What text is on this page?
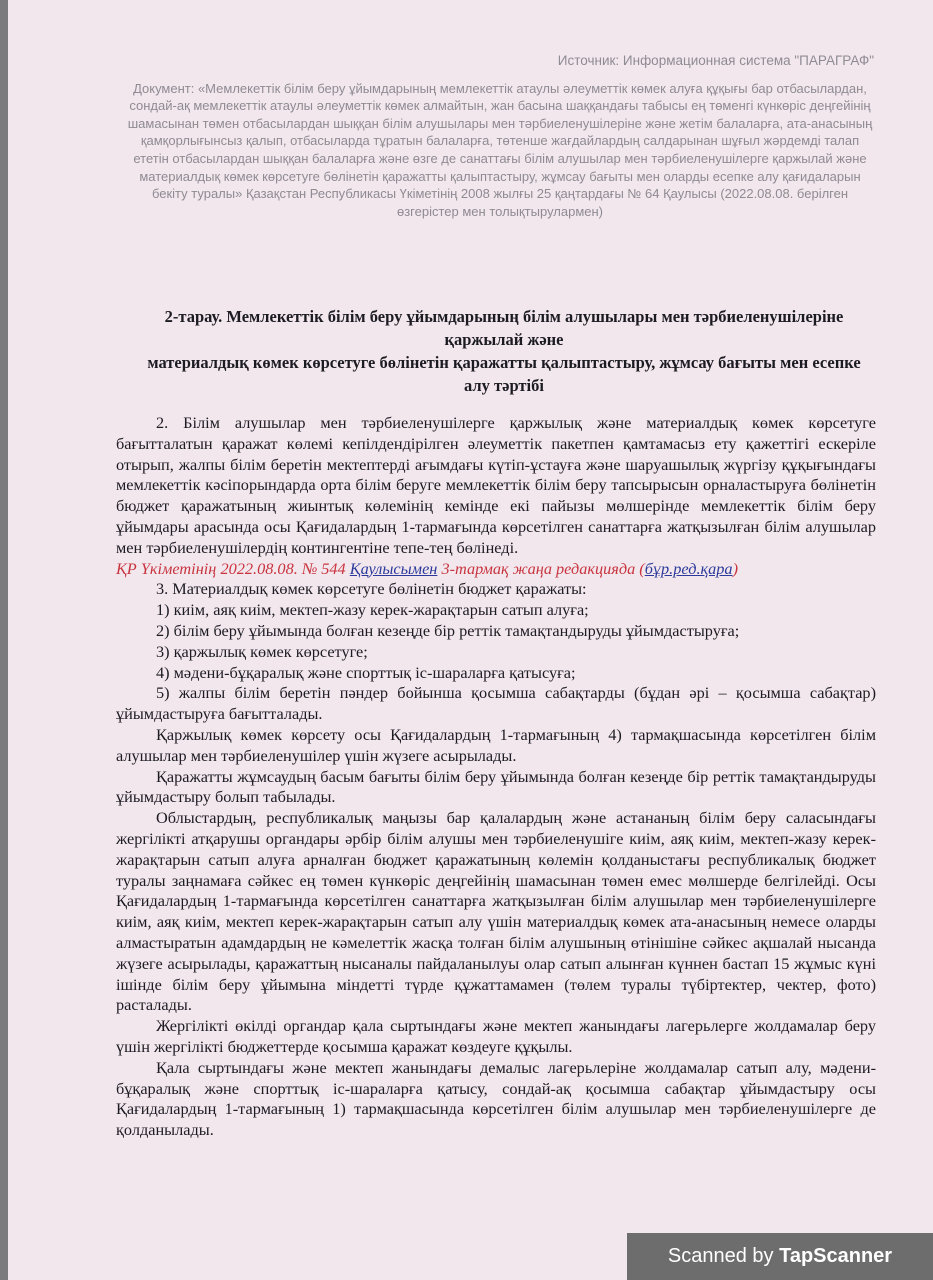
Источник: Информационная система "ПАРАГРАФ"
Документ: «Мемлекеттік білім беру ұйымдарының мемлекеттік атаулы әлеуметтік көмек алуға құқығы бар отбасылардан, сондай-ақ мемлекеттік атаулы әлеуметтік көмек алмайтын, жан басына шаққандағы табысы ең төменгі күнкөріс деңгейінің шамасынан төмен отбасылардан шыққан білім алушылары мен тәрбиеленушілеріне және жетім балаларға, ата-анасының қамқорлығынсыз қалып, отбасыларда тұратын балаларға, төтенше жағдайлардың салдарынан шұғыл жәрдемді талап ететін отбасылардан шыққан балаларға және өзге де санаттағы білім алушылар мен тәрбиеленушілерге қаржылай және материалдық көмек көрсетуге бөлінетін қаражатты қалыптастыру, жұмсау бағыты мен оларды есепке алу қағидаларын бекіту туралы» Қазақстан Республикасы Үкіметінің 2008 жылғы 25 қаңтардағы № 64 Қаулысы (2022.08.08. берілген өзгерістер мен толықтырулармен)
2-тарау. Мемлекеттік білім беру ұйымдарының білім алушылары мен тәрбиеленушілеріне қаржылай және
материалдық көмек көрсетуге бөлінетін қаражатты қалыптастыру, жұмсау бағыты мен есепке алу тәртібі

2. Білім алушылар мен тәрбиеленушілерге қаржылық және материалдық көмек көрсетуге бағытталатын қаражат көлемі кепілдендірілген әлеуметтік пакетпен қамтамасыз ету қажеттігі ескеріле отырып, жалпы білім беретін мектептерді ағымдағы күтіп-ұстауға және шаруашылық жүргізу құқығындағы мемлекеттік кәсіпорындарда орта білім беруге мемлекеттік білім беру тапсырысын орналастыруға бөлінетін бюджет қаражатының жиынтық көлемінің кемінде екі пайызы мөлшерінде мемлекеттік білім беру ұйымдары арасында осы Қағидалардың 1-тармағында көрсетілген санаттарға жатқызылған білім алушылар мен тәрбиеленушілердің контингентіне тепе-тең бөлінеді.

ҚР Үкіметінің 2022.08.08. № 544 Қаулысымен 3-тармақ жаңа редакцияда (бұр.ред.қара)

3. Материалдық көмек көрсетуге бөлінетін бюджет қаражаты:

1) киім, аяқ киім, мектеп-жазу керек-жарақтарын сатып алуға;

2) білім беру ұйымында болған кезеңде бір реттік тамақтандыруды ұйымдастыруға;

3) қаржылық көмек көрсетуге;

4) мәдени-бұқаралық және спорттық іс-шараларға қатысуға;

5) жалпы білім беретін пәндер бойынша қосымша сабақтарды (бұдан әрі – қосымша сабақтар) ұйымдастыруға бағытталады.

Қаржылық көмек көрсету осы Қағидалардың 1-тармағының 4) тармақшасында көрсетілген білім алушылар мен тәрбиеленушілер үшін жүзеге асырылады.

Қаражатты жұмсаудың басым бағыты білім беру ұйымында болған кезеңде бір реттік тамақтандыруды ұйымдастыру болып табылады.

Облыстардың, республикалық маңызы бар қалалардың және астананың білім беру саласындағы жергілікті атқарушы органдары әрбір білім алушы мен тәрбиеленушіге киім, аяқ киім, мектеп-жазу керек-жарақтарын сатып алуға арналған бюджет қаражатының көлемін қолданыстағы республикалық бюджет туралы заңнамаға сәйкес ең төмен күнкөріс деңгейінің шамасынан төмен емес мөлшерде белгілейді. Осы Қағидалардың 1-тармағында көрсетілген санаттарға жатқызылған білім алушылар мен тәрбиеленушілерге киім, аяқ киім, мектеп керек-жарақтарын сатып алу үшін материалдық көмек ата-анасының немесе оларды алмастыратын адамдардың не кәмелеттік жасқа толған білім алушының өтінішіне сәйкес ақшалай нысанда жүзеге асырылады, қаражаттың нысаналы пайдаланылуы олар сатып алынған күннен бастап 15 жұмыс күні ішінде білім беру ұйымына міндетті түрде құжаттамамен (төлем туралы түбіртектер, чектер, фото) расталады.

Жергілікті өкілді органдар қала сыртындағы және мектеп жанындағы лагерьлерге жолдамалар беру үшін жергілікті бюджеттерде қосымша қаражат көздеуге құқылы.

Қала сыртындағы және мектеп жанындағы демалыс лагерьлеріне жолдамалар сатып алу, мәдени-бұқаралық және спорттық іс-шараларға қатысу, сондай-ақ қосымша сабақтар ұйымдастыру осы Қағидалардың 1-тармағының 1) тармақшасында көрсетілген білім алушылар мен тәрбиеленушілерге де қолданылады.

Scanned by TapScanner
